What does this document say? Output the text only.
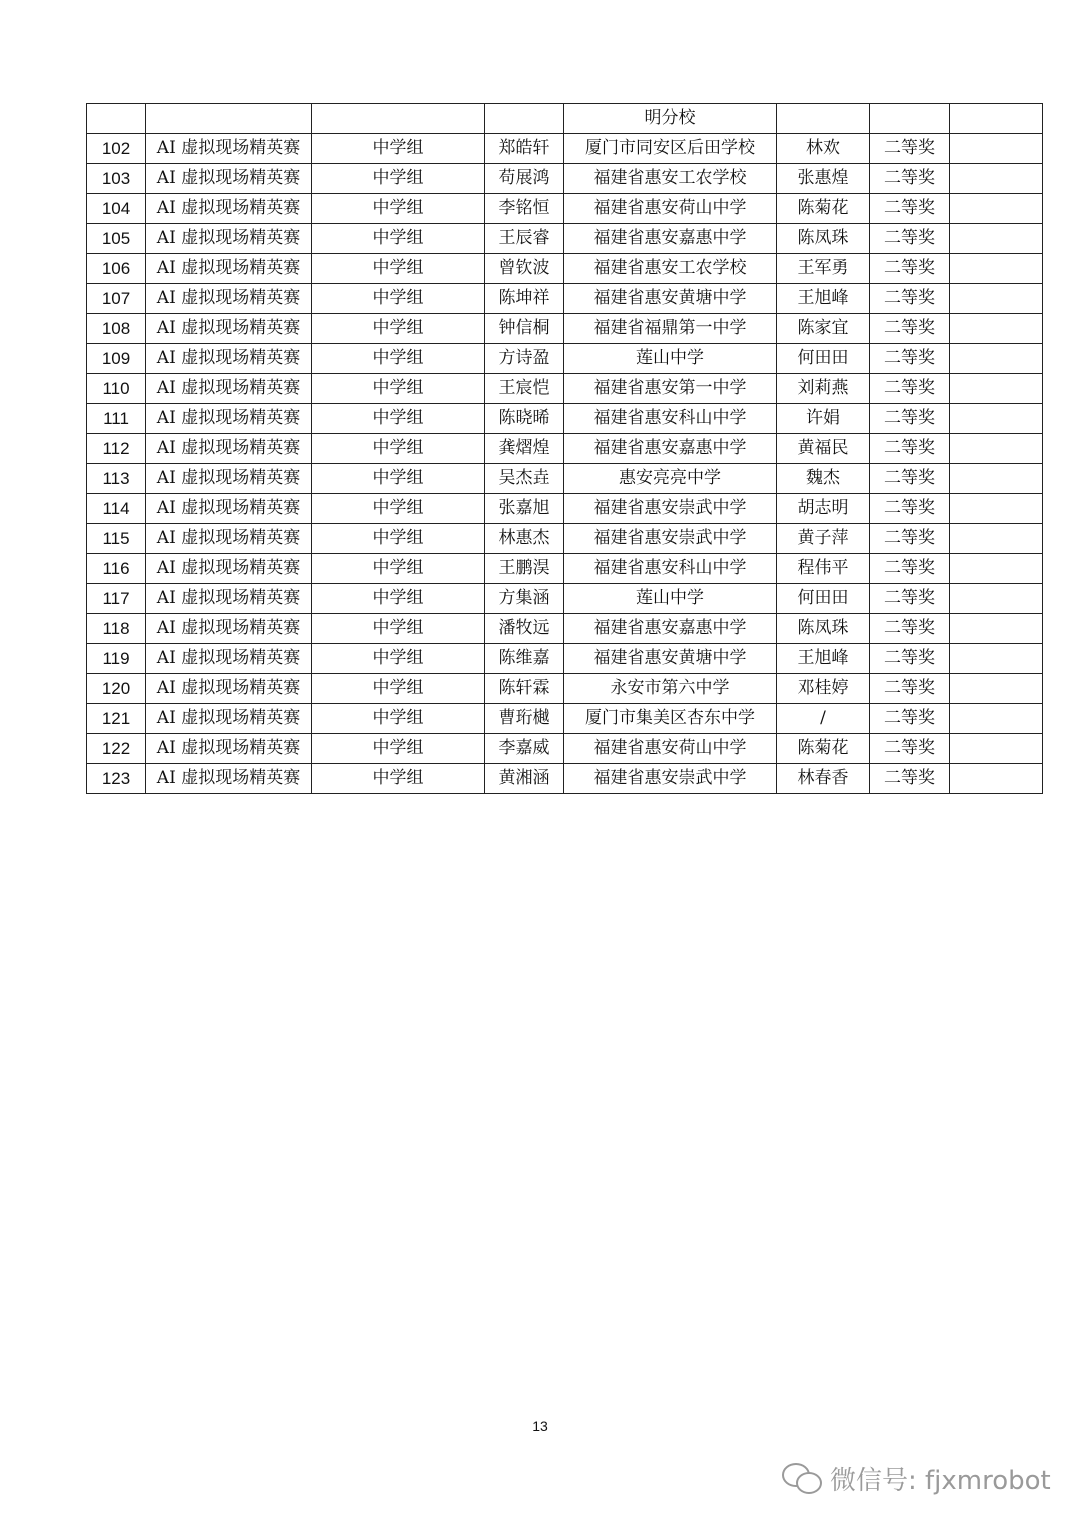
				明分校			
102	AI 虚拟现场精英赛	中学组	郑皓轩	厦门市同安区后田学校	林欢	二等奖	
103	AI 虚拟现场精英赛	中学组	苟展鸿	福建省惠安工农学校	张惠煌	二等奖	
104	AI 虚拟现场精英赛	中学组	李铭恒	福建省惠安荷山中学	陈菊花	二等奖	
105	AI 虚拟现场精英赛	中学组	王辰睿	福建省惠安嘉惠中学	陈凤珠	二等奖	
106	AI 虚拟现场精英赛	中学组	曾钦波	福建省惠安工农学校	王军勇	二等奖	
107	AI 虚拟现场精英赛	中学组	陈坤祥	福建省惠安黄塘中学	王旭峰	二等奖	
108	AI 虚拟现场精英赛	中学组	钟信桐	福建省福鼎第一中学	陈家宜	二等奖	
109	AI 虚拟现场精英赛	中学组	方诗盈	莲山中学	何田田	二等奖	
110	AI 虚拟现场精英赛	中学组	王宸恺	福建省惠安第一中学	刘莉燕	二等奖	
111	AI 虚拟现场精英赛	中学组	陈晓晞	福建省惠安科山中学	许娟	二等奖	
112	AI 虚拟现场精英赛	中学组	龚熠煌	福建省惠安嘉惠中学	黄福民	二等奖	
113	AI 虚拟现场精英赛	中学组	吴杰垚	惠安亮亮中学	魏杰	二等奖	
114	AI 虚拟现场精英赛	中学组	张嘉旭	福建省惠安崇武中学	胡志明	二等奖	
115	AI 虚拟现场精英赛	中学组	林惠杰	福建省惠安崇武中学	黄子萍	二等奖	
116	AI 虚拟现场精英赛	中学组	王鹏淏	福建省惠安科山中学	程伟平	二等奖	
117	AI 虚拟现场精英赛	中学组	方集涵	莲山中学	何田田	二等奖	
118	AI 虚拟现场精英赛	中学组	潘牧远	福建省惠安嘉惠中学	陈凤珠	二等奖	
119	AI 虚拟现场精英赛	中学组	陈维嘉	福建省惠安黄塘中学	王旭峰	二等奖	
120	AI 虚拟现场精英赛	中学组	陈轩霖	永安市第六中学	邓桂婷	二等奖	
121	AI 虚拟现场精英赛	中学组	曹珩樾	厦门市集美区杏东中学	/	二等奖	
122	AI 虚拟现场精英赛	中学组	李嘉威	福建省惠安荷山中学	陈菊花	二等奖	
123	AI 虚拟现场精英赛	中学组	黄湘涵	福建省惠安崇武中学	林春香	二等奖	
13
微信号: fjxmrobot
